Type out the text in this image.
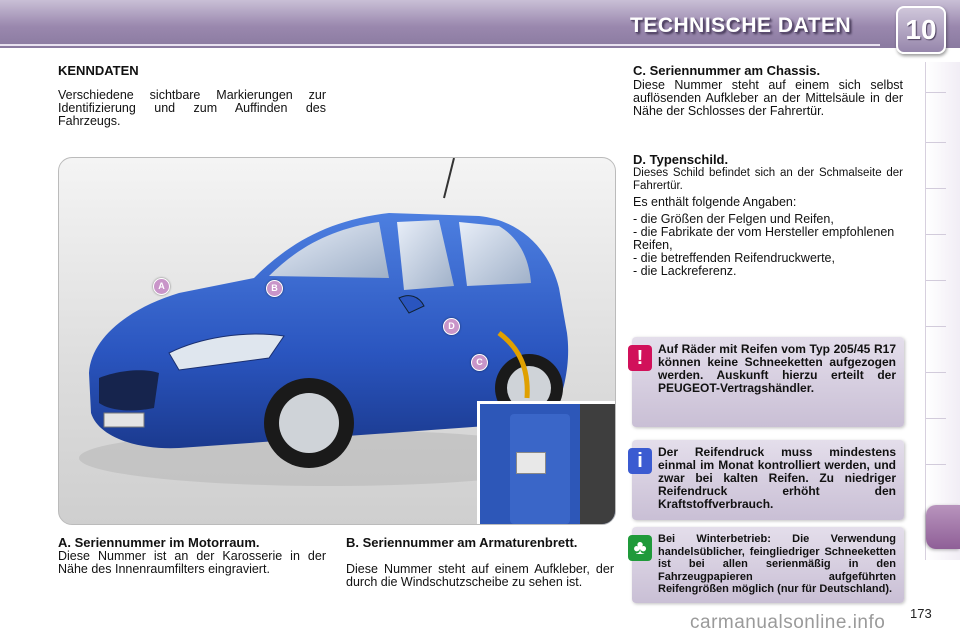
TECHNISCHE DATEN	10
KENNDATEN
Verschiedene sichtbare Markierungen zur Identifizierung und zum Auffinden des Fahrzeugs.
A	B
D
C
A. Seriennummer im Motorraum.
Diese Nummer ist an der Karosserie in der Nähe des Innenraumfilters eingraviert.
B. Seriennummer am Armaturenbrett.
Diese Nummer steht auf einem Aufkleber, der durch die Windschutzscheibe zu sehen ist.
C. Seriennummer am Chassis.
Diese Nummer steht auf einem sich selbst auflösenden Aufkleber an der Mittelsäule in der Nähe der Schlosses der Fahrertür.
D. Typenschild.
Dieses Schild befindet sich an der Schmalseite der Fahrertür.
Es enthält folgende Angaben:
- die Größen der Felgen und Reifen,
- die Fabrikate der vom Hersteller empfohlenen Reifen,
- die betreffenden Reifendruckwerte,
- die Lackreferenz.
!	Auf Räder mit Reifen vom Typ 205/45 R17 können keine Schneeketten aufgezogen werden. Auskunft hierzu erteilt der PEUGEOT-Vertragshändler.
i	Der Reifendruck muss mindestens einmal im Monat kontrolliert werden, und zwar bei kalten Reifen. Zu niedriger Reifendruck erhöht den Kraftstoffverbrauch.
♣	Bei Winterbetrieb: Die Verwendung handelsüblicher, feingliedriger Schneeketten ist bei allen serienmäßig in den Fahrzeugpapieren aufgeführten Reifengrößen möglich (nur für Deutschland).
173
carmanualsonline.info
